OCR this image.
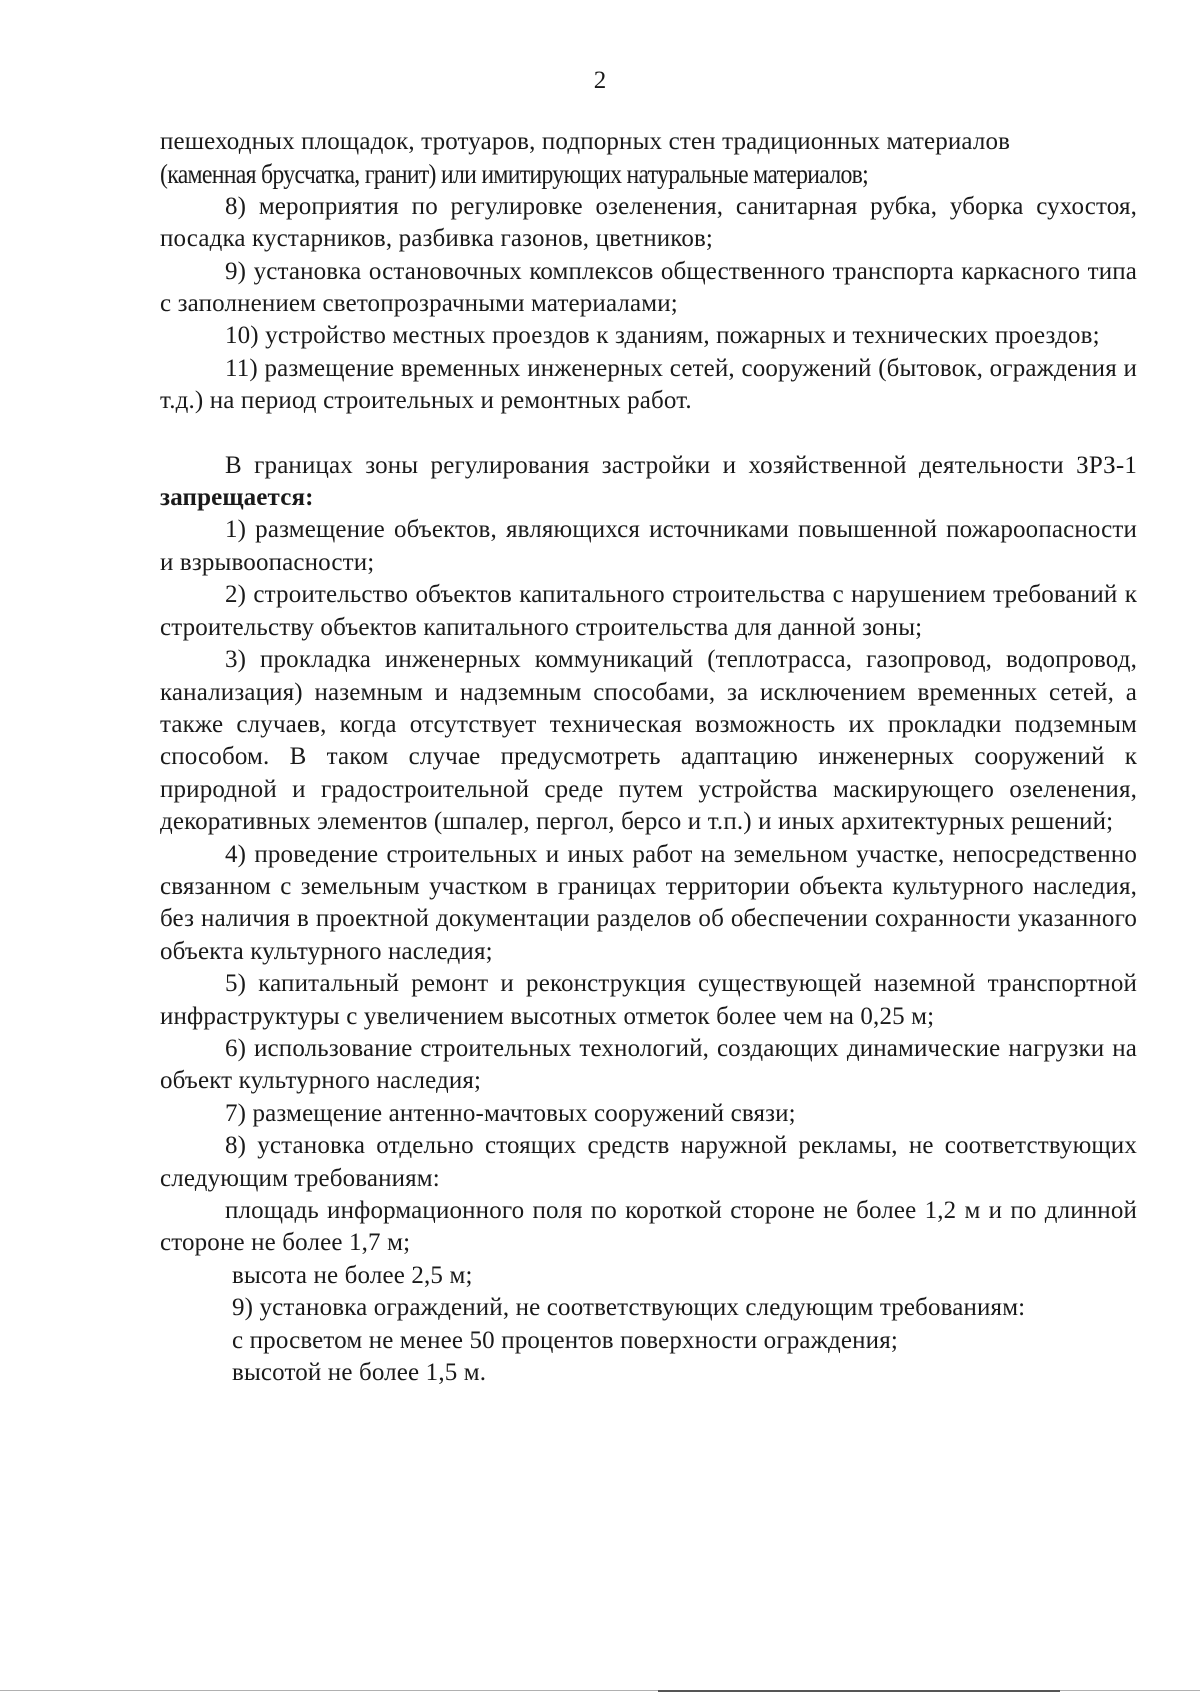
2

пешеходных площадок, тротуаров, подпорных стен традиционных материалов

(каменная брусчатка, гранит) или имитирующих натуральные материалов;

8) мероприятия по регулировке озеленения, санитарная рубка, уборка сухостоя, посадка кустарников, разбивка газонов, цветников;

9) установка остановочных комплексов общественного транспорта каркасного типа с заполнением светопрозрачными материалами;

10) устройство местных проездов к зданиям, пожарных и технических проездов;

11) размещение временных инженерных сетей, сооружений (бытовок, ограждения и т.д.) на период строительных и ремонтных работ.

В границах зоны регулирования застройки и хозяйственной деятельности ЗРЗ-1 запрещается:

1) размещение объектов, являющихся источниками повышенной пожароопасности и взрывоопасности;

2) строительство объектов капитального строительства с нарушением требований к строительству объектов капитального строительства для данной зоны;

3) прокладка инженерных коммуникаций (теплотрасса, газопровод, водопровод, канализация) наземным и надземным способами, за исключением временных сетей, а также случаев, когда отсутствует техническая возможность их прокладки подземным способом. В таком случае предусмотреть адаптацию инженерных сооружений к природной и градостроительной среде путем устройства маскирующего озеленения, декоративных элементов (шпалер, пергол, берсо и т.п.) и иных архитектурных решений;

4) проведение строительных и иных работ на земельном участке, непосредственно связанном с земельным участком в границах территории объекта культурного наследия, без наличия в проектной документации разделов об обеспечении сохранности указанного объекта культурного наследия;

5) капитальный ремонт и реконструкция существующей наземной транспортной инфраструктуры с увеличением высотных отметок более чем на 0,25 м;

6) использование строительных технологий, создающих динамические нагрузки на объект культурного наследия;

7) размещение антенно-мачтовых сооружений связи;

8) установка отдельно стоящих средств наружной рекламы, не соответствующих следующим требованиям:

площадь информационного поля по короткой стороне не более 1,2 м и по длинной стороне не более 1,7 м;

высота не более 2,5 м;

9) установка ограждений, не соответствующих следующим требованиям:

с просветом не менее 50 процентов поверхности ограждения;

высотой не более 1,5 м.
